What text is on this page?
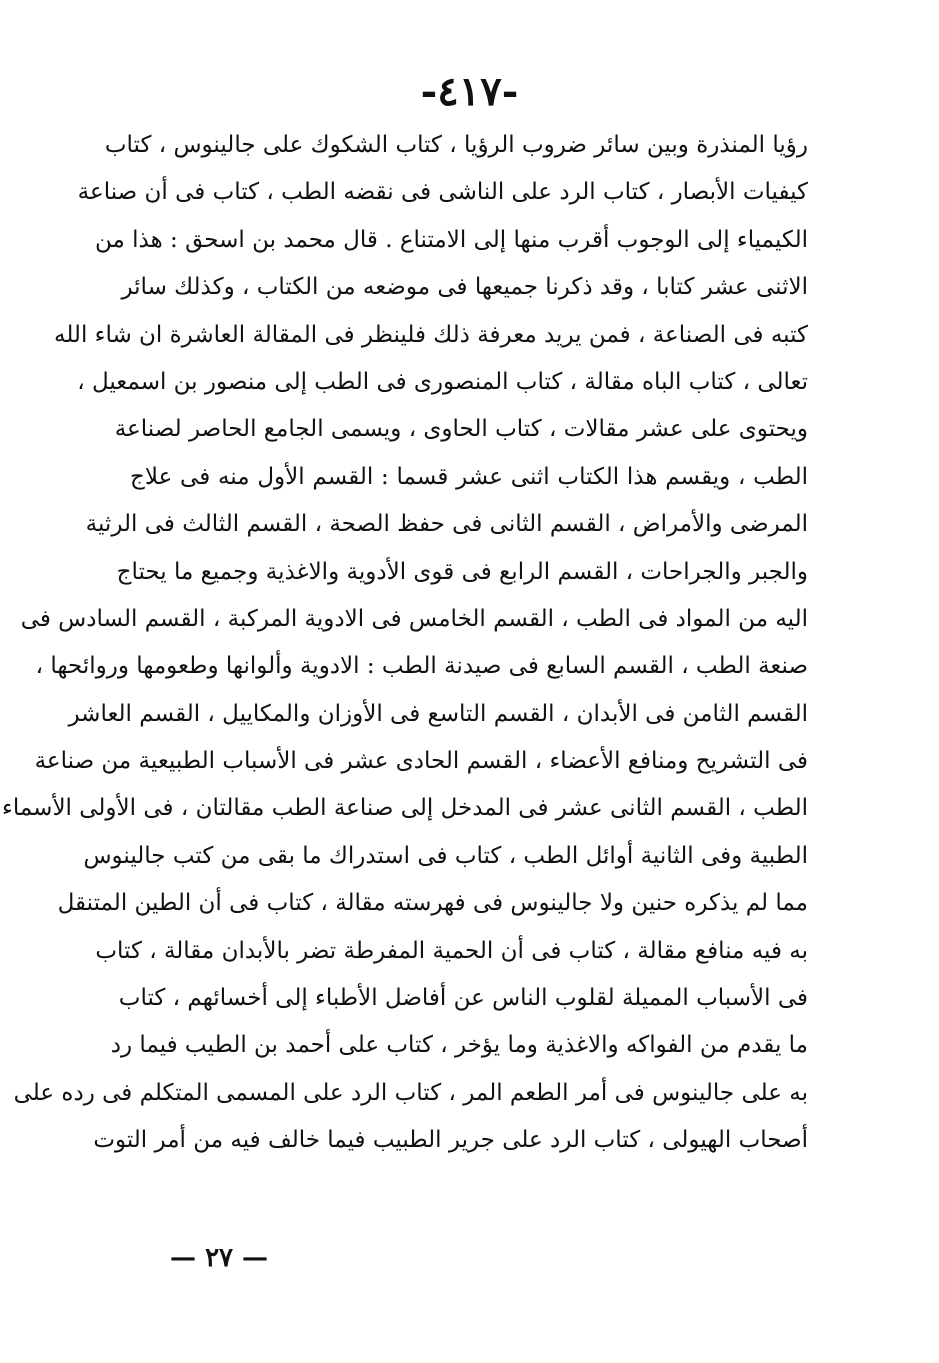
-٤١٧-
رؤيا المنذرة وبين سائر ضروب الرؤيا ، كتاب الشكوك على جالينوس ، كتاب
كيفيات الأبصار ، كتاب الرد على الناشى فى نقضه الطب ، كتاب فى أن صناعة
الكيمياء إلى الوجوب أقرب منها إلى الامتناع . قال محمد بن اسحق : هذا من
الاثنى عشر كتابا ، وقد ذكرنا جميعها فى موضعه من الكتاب ، وكذلك سائر
كتبه فى الصناعة ، فمن يريد معرفة ذلك فلينظر فى المقالة العاشرة ان شاء الله
تعالى ، كتاب الباه مقالة ، كتاب المنصورى فى الطب إلى منصور بن اسمعيل ،
ويحتوى على عشر مقالات ، كتاب الحاوى ، ويسمى الجامع الحاصر لصناعة
الطب ، ويقسم هذا الكتاب اثنى عشر قسما : القسم الأول منه فى علاج
المرضى والأمراض ، القسم الثانى فى حفظ الصحة ، القسم الثالث فى الرثية
والجبر والجراحات ، القسم الرابع فى قوى الأدوية والاغذية وجميع ما يحتاج
اليه من المواد فى الطب ، القسم الخامس فى الادوية المركبة ، القسم السادس فى
صنعة الطب ، القسم السابع فى صيدنة الطب : الادوية وألوانها وطعومها وروائحها ،
القسم الثامن فى الأبدان ، القسم التاسع فى الأوزان والمكاييل ، القسم العاشر
فى التشريح ومنافع الأعضاء ، القسم الحادى عشر فى الأسباب الطبيعية من صناعة
الطب ، القسم الثانى عشر فى المدخل إلى صناعة الطب مقالتان ، فى الأولى الأسماء
الطبية وفى الثانية أوائل الطب ، كتاب فى استدراك ما بقى من كتب جالينوس
مما لم يذكره حنين ولا جالينوس فى فهرسته مقالة ، كتاب فى أن الطين المتنقل
به فيه منافع مقالة ، كتاب فى أن الحمية المفرطة تضر بالأبدان مقالة ، كتاب
فى الأسباب المميلة لقلوب الناس عن أفاضل الأطباء إلى أخسائهم ، كتاب
ما يقدم من الفواكه والاغذية وما يؤخر ، كتاب على أحمد بن الطيب فيما رد
به على جالينوس فى أمر الطعم المر ، كتاب الرد على المسمى المتكلم فى رده على
أصحاب الهيولى ، كتاب الرد على جرير الطبيب فيما خالف فيه من أمر التوت
— ٢٧ —
